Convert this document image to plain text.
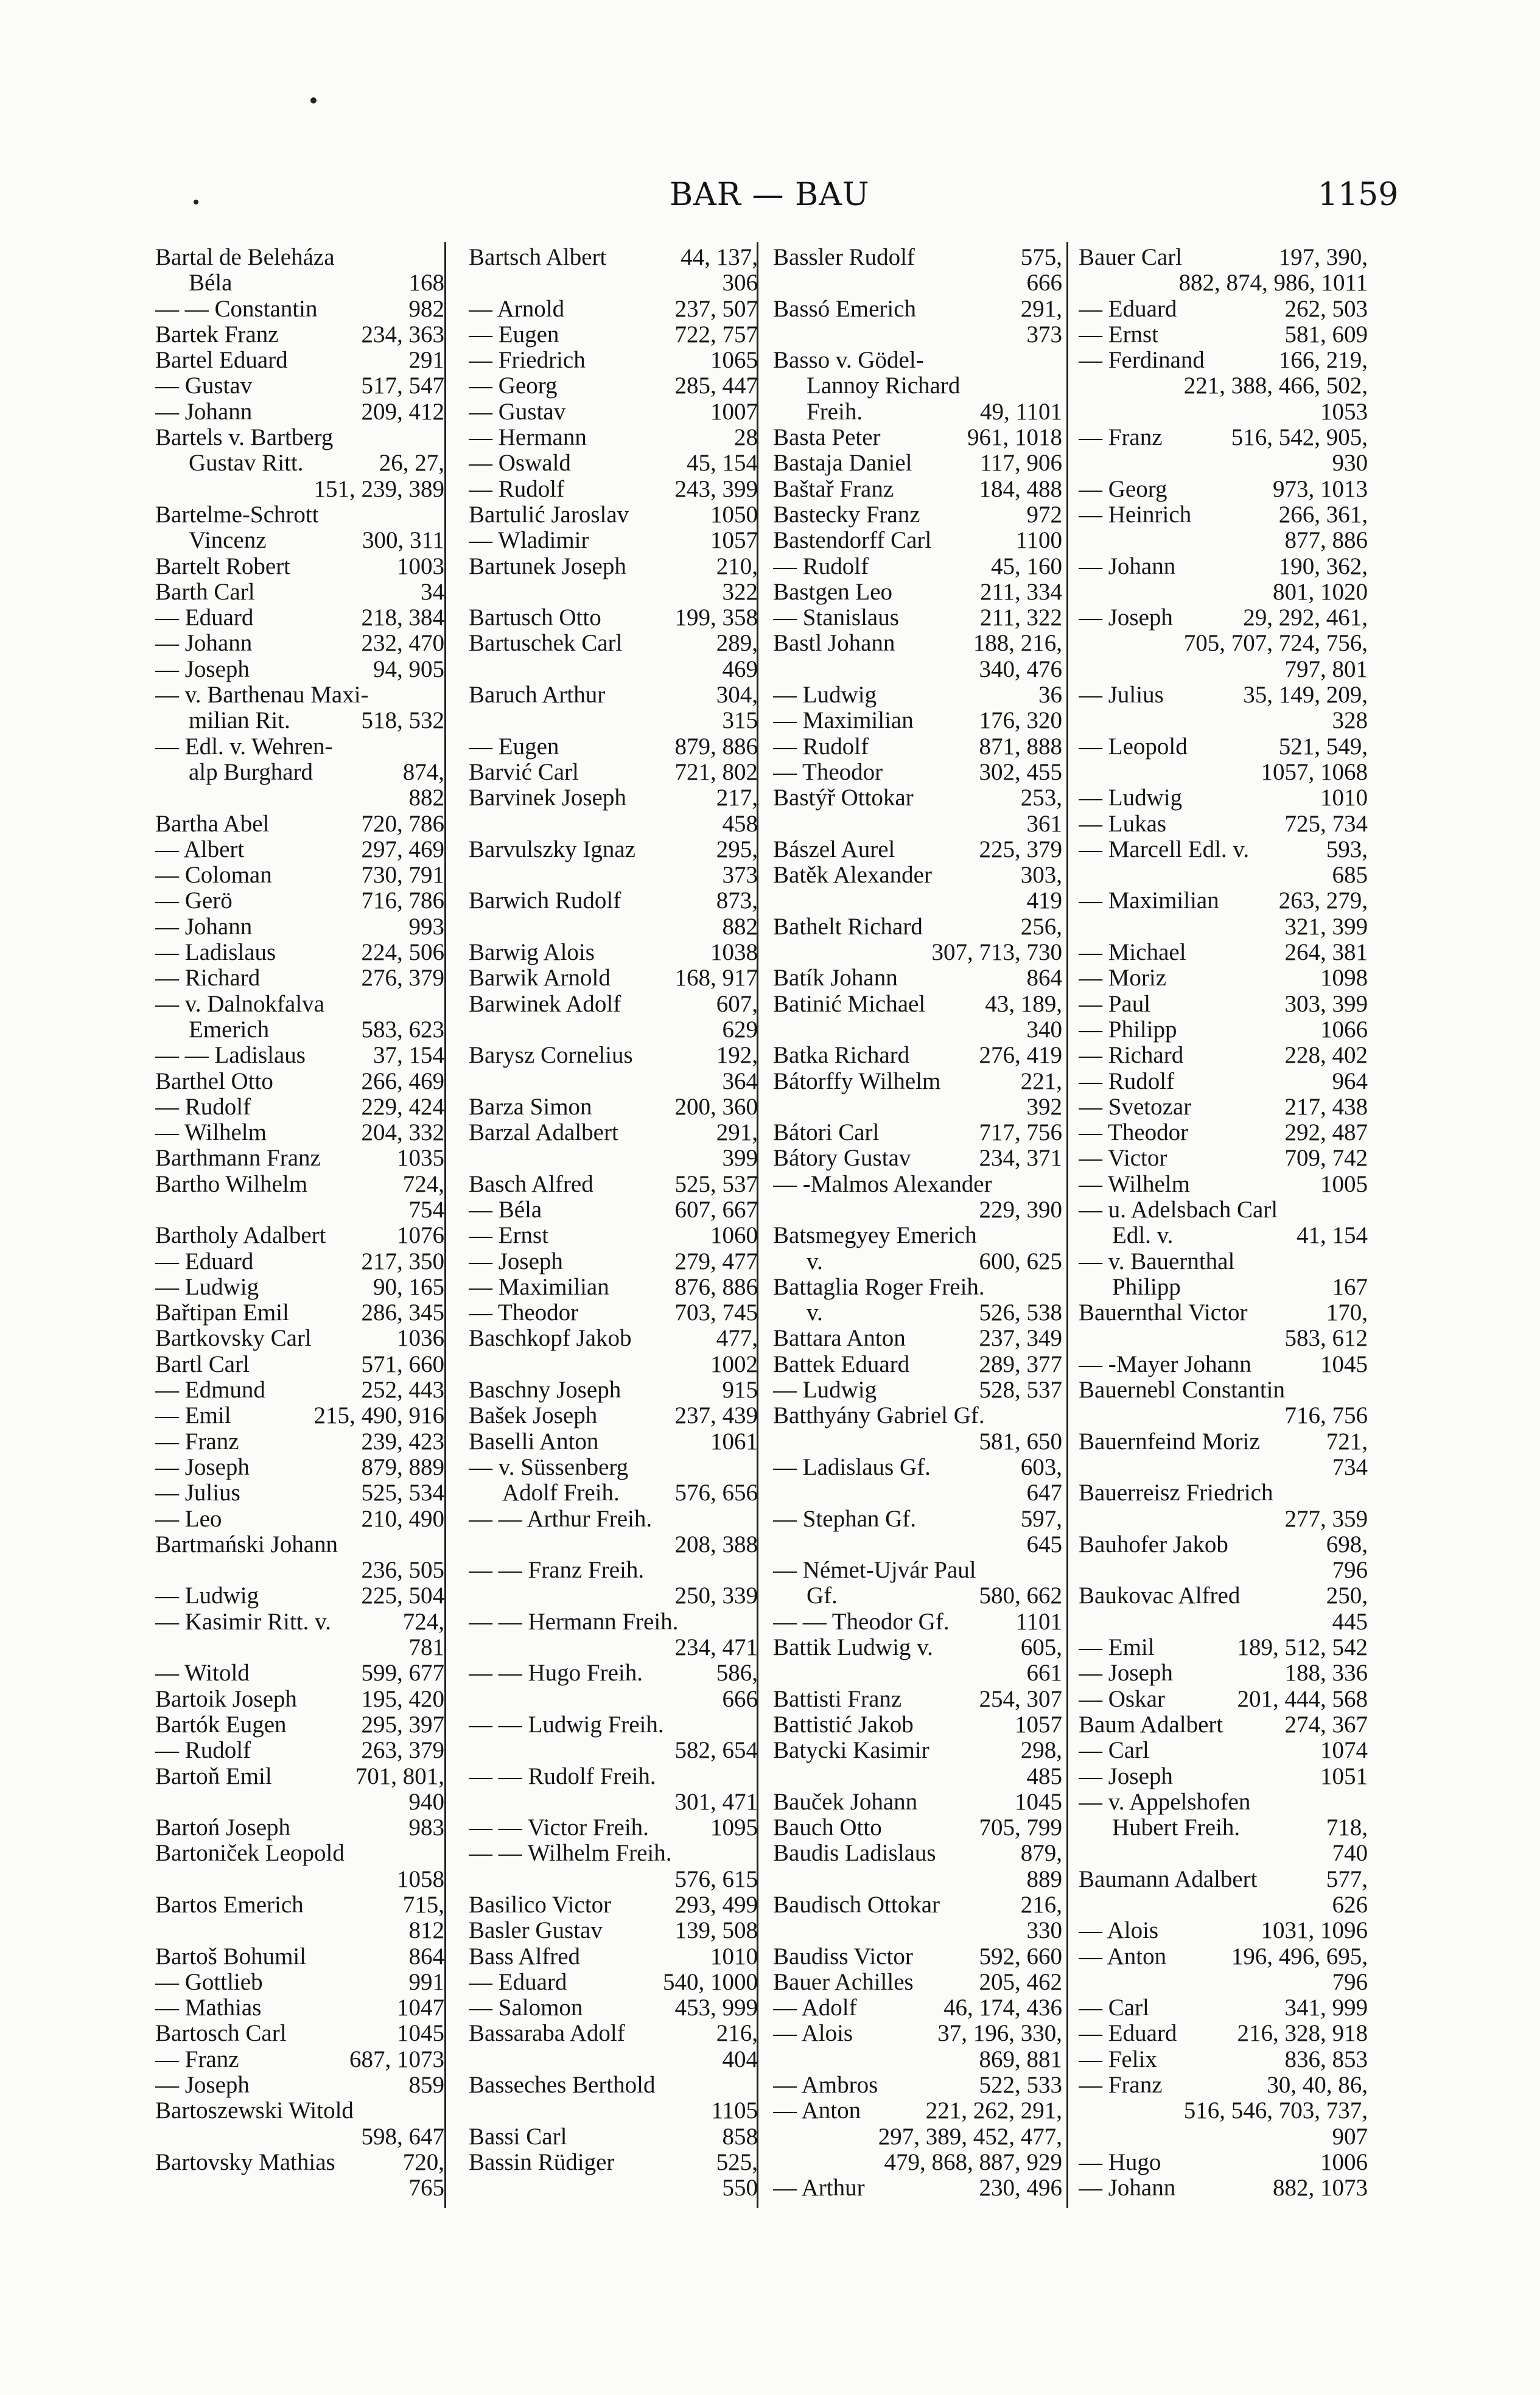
BAR — BAU	1159
Bartal de Beleháza
Béla	168
— — Constantin	982
Bartek Franz	234, 363
Bartel Eduard	291
— Gustav	517, 547
— Johann	209, 412
Bartels v. Bartberg
Gustav Ritt.	26, 27,
151, 239, 389
Bartelme-Schrott
Vincenz	300, 311
Bartelt Robert	1003
Barth Carl	34
— Eduard	218, 384
— Johann	232, 470
— Joseph	94, 905
— v. Barthenau Maxi-
milian Rit.	518, 532
— Edl. v. Wehren-
alp Burghard	874,
882
Bartha Abel	720, 786
— Albert	297, 469
— Coloman	730, 791
— Gerö	716, 786
— Johann	993
— Ladislaus	224, 506
— Richard	276, 379
— v. Dalnokfalva
Emerich	583, 623
— — Ladislaus	37, 154
Barthel Otto	266, 469
— Rudolf	229, 424
— Wilhelm	204, 332
Barthmann Franz	1035
Bartho Wilhelm	724,
754
Bartholy Adalbert	1076
— Eduard	217, 350
— Ludwig	90, 165
Bařtipan Emil	286, 345
Bartkovsky Carl	1036
Bartl Carl	571, 660
— Edmund	252, 443
— Emil	215, 490, 916
— Franz	239, 423
— Joseph	879, 889
— Julius	525, 534
— Leo	210, 490
Bartmański Johann
236, 505
— Ludwig	225, 504
— Kasimir Ritt. v.	724,
781
— Witold	599, 677
Bartoik Joseph	195, 420
Bartók Eugen	295, 397
— Rudolf	263, 379
Bartoň Emil	701, 801,
940
Bartoń Joseph	983
Bartoniček Leopold
1058
Bartos Emerich	715,
812
Bartoš Bohumil	864
— Gottlieb	991
— Mathias	1047
Bartosch Carl	1045
— Franz	687, 1073
— Joseph	859
Bartoszewski Witold
598, 647
Bartovsky Mathias	720,
765
Bartsch Albert	44, 137,
306
— Arnold	237, 507
— Eugen	722, 757
— Friedrich	1065
— Georg	285, 447
— Gustav	1007
— Hermann	28
— Oswald	45, 154
— Rudolf	243, 399
Bartulić Jaroslav	1050
— Wladimir	1057
Bartunek Joseph	210,
322
Bartusch Otto	199, 358
Bartuschek Carl	289,
469
Baruch Arthur	304,
315
— Eugen	879, 886
Barvić Carl	721, 802
Barvinek Joseph	217,
458
Barvulszky Ignaz	295,
373
Barwich Rudolf	873,
882
Barwig Alois	1038
Barwik Arnold	168, 917
Barwinek Adolf	607,
629
Barysz Cornelius	192,
364
Barza Simon	200, 360
Barzal Adalbert	291,
399
Basch Alfred	525, 537
— Béla	607, 667
— Ernst	1060
— Joseph	279, 477
— Maximilian	876, 886
— Theodor	703, 745
Baschkopf Jakob	477,
1002
Baschny Joseph	915
Bašek Joseph	237, 439
Baselli Anton	1061
— v. Süssenberg
Adolf Freih. 576, 656
— — Arthur Freih.
208, 388
— — Franz Freih.
250, 339
— — Hermann Freih.
234, 471
— — Hugo Freih.	586,
666
— — Ludwig Freih.
582, 654
— — Rudolf Freih.
301, 471
— — Victor Freih.	1095
— — Wilhelm Freih.
576, 615
Basilico Victor	293, 499
Basler Gustav	139, 508
Bass Alfred	1010
— Eduard	540, 1000
— Salomon	453, 999
Bassaraba Adolf	216,
404
Basseches Berthold
1105
Bassi Carl	858
Bassin Rüdiger	525,
550
Bassler Rudolf	575,
666
Bassó Emerich	291,
373
Basso v. Gödel-
Lannoy Richard
Freih.	49, 1101
Basta Peter	961, 1018
Bastaja Daniel	117, 906
Baštař Franz	184, 488
Bastecky Franz	972
Bastendorff Carl	1100
— Rudolf	45, 160
Bastgen Leo	211, 334
— Stanislaus	211, 322
Bastl Johann	188, 216,
340, 476
— Ludwig	36
— Maximilian	176, 320
— Rudolf	871, 888
— Theodor	302, 455
Bastýř Ottokar	253,
361
Bászel Aurel	225, 379
Batěk Alexander	303,
419
Bathelt Richard	256,
307, 713, 730
Batík Johann	864
Batinić Michael	43, 189,
340
Batka Richard	276, 419
Bátorffy Wilhelm	221,
392
Bátori Carl	717, 756
Bátory Gustav	234, 371
— -Malmos Alexander
229, 390
Batsmegyey Emerich
v.	600, 625
Battaglia Roger Freih.
v.	526, 538
Battara Anton	237, 349
Battek Eduard	289, 377
— Ludwig	528, 537
Batthyány Gabriel Gf.
581, 650
— Ladislaus Gf.	603,
647
— Stephan Gf.	597,
645
— Német-Ujvár Paul
Gf.	580, 662
— — Theodor Gf.	1101
Battik Ludwig v.	605,
661
Battisti Franz	254, 307
Battistić Jakob	1057
Batycki Kasimir	298,
485
Bauček Johann	1045
Bauch Otto	705, 799
Baudis Ladislaus	879,
889
Baudisch Ottokar	216,
330
Baudiss Victor	592, 660
Bauer Achilles	205, 462
— Adolf	46, 174, 436
— Alois	37, 196, 330,
869, 881
— Ambros	522, 533
— Anton	221, 262, 291,
297, 389, 452, 477,
479, 868, 887, 929
— Arthur	230, 496
Bauer Carl	197, 390,
882, 874, 986, 1011
— Eduard	262, 503
— Ernst	581, 609
— Ferdinand	166, 219,
221, 388, 466, 502,
1053
— Franz	516, 542, 905,
930
— Georg	973, 1013
— Heinrich	266, 361,
877, 886
— Johann	190, 362,
801, 1020
— Joseph	29, 292, 461,
705, 707, 724, 756,
797, 801
— Julius	35, 149, 209,
328
— Leopold	521, 549,
1057, 1068
— Ludwig	1010
— Lukas	725, 734
— Marcell Edl. v.	593,
685
— Maximilian	263, 279,
321, 399
— Michael	264, 381
— Moriz	1098
— Paul	303, 399
— Philipp	1066
— Richard	228, 402
— Rudolf	964
— Svetozar	217, 438
— Theodor	292, 487
— Victor	709, 742
— Wilhelm	1005
— u. Adelsbach Carl
Edl. v.	41, 154
— v. Bauernthal
Philipp	167
Bauernthal Victor	170,
583, 612
— -Mayer Johann	1045
Bauernebl Constantin
716, 756
Bauernfeind Moriz	721,
734
Bauerreisz Friedrich
277, 359
Bauhofer Jakob	698,
796
Baukovac Alfred	250,
445
— Emil	189, 512, 542
— Joseph	188, 336
— Oskar	201, 444, 568
Baum Adalbert	274, 367
— Carl	1074
— Joseph	1051
— v. Appelshofen
Hubert Freih.	718,
740
Baumann Adalbert	577,
626
— Alois	1031, 1096
— Anton	196, 496, 695,
796
— Carl	341, 999
— Eduard	216, 328, 918
— Felix	836, 853
— Franz	30, 40, 86,
516, 546, 703, 737,
907
— Hugo	1006
— Johann	882, 1073
